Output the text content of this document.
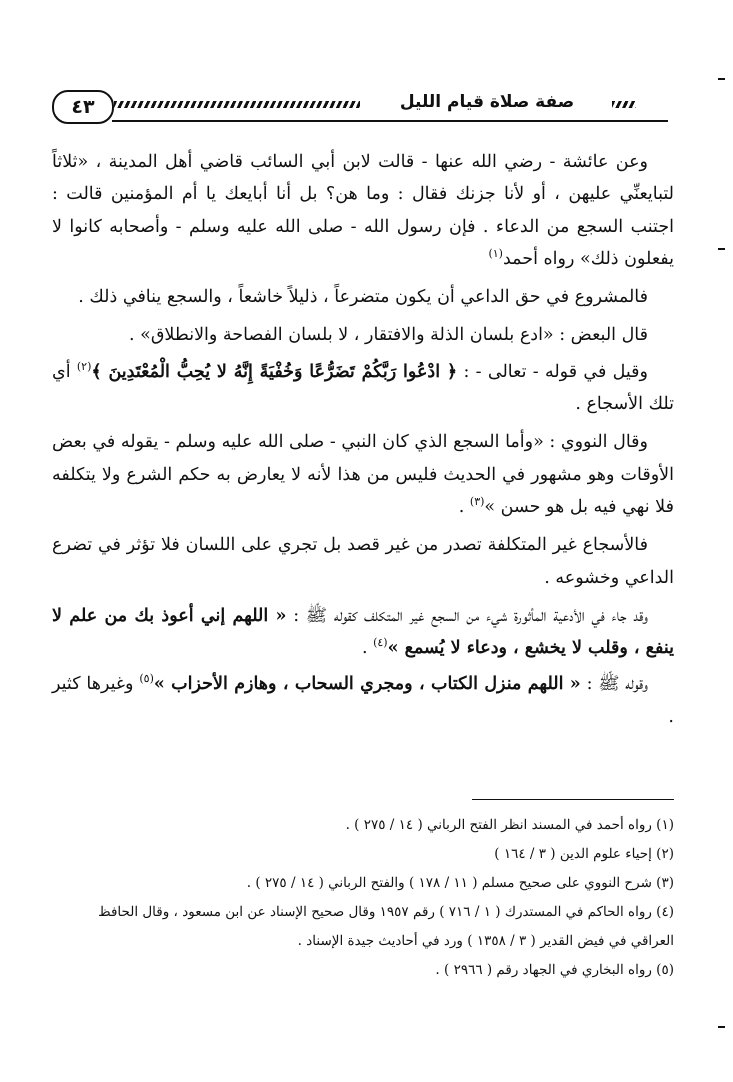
٤٣	صفة صلاة قيام الليل

وعن عائشة - رضي الله عنها - قالت لابن أبي السائب قاضي أهل المدينة ، «ثلاثاً لتبايعنِّي عليهن ، أو لأنا جزنك فقال : وما هن؟ بل أنا أبايعك يا أم المؤمنين قالت : اجتنب السجع من الدعاء . فإن رسول الله - صلى الله عليه وسلم - وأصحابه كانوا لا يفعلون ذلك» رواه أحمد$^{(١)}$

فالمشروع في حق الداعي أن يكون متضرعاً ، ذليلاً خاشعاً ، والسجع ينافي ذلك .

قال البعض : «ادع بلسان الذلة والافتقار ، لا بلسان الفصاحة والانطلاق» .

وقيل في قوله - تعالى - : ﴿ ادْعُوا رَبَّكُمْ تَضَرُّعًا وَخُفْيَةً إِنَّهُ لا يُحِبُّ الْمُعْتَدِينَ ﴾$^{(٢)}$ أي تلك الأسجاع .

وقال النووي : «وأما السجع الذي كان النبي - صلى الله عليه وسلم - يقوله في بعض الأوقات وهو مشهور في الحديث فليس من هذا لأنه لا يعارض به حكم الشرع ولا يتكلفه فلا نهي فيه بل هو حسن »$^{(٣)}$ .

فالأسجاع غير المتكلفة تصدر من غير قصد بل تجري على اللسان فلا تؤثر في تضرع الداعي وخشوعه .

وقد جاء في الأدعية المأثورة شيء من السجع غير المتكلف كقوله ﷺ : « اللهم إني أعوذ بك من علم لا ينفع ، وقلب لا يخشع ، ودعاء لا يُسمع »$^{(٤)}$ .

وقوله ﷺ : « اللهم منزل الكتاب ، ومجري السحاب ، وهازم الأحزاب »$^{(٥)}$ وغيرها كثير .

(١) رواه أحمد في المسند انظر الفتح الرباني ( ١٤ / ٢٧٥ ) .
(٢) إحياء علوم الدين ( ٣ / ١٦٤ )
(٣) شرح النووي على صحيح مسلم ( ١١ / ١٧٨ ) والفتح الرباني ( ١٤ / ٢٧٥ ) .
(٤) رواه الحاكم في المستدرك ( ١ / ٧١٦ ) رقم ١٩٥٧ وقال صحيح الإسناد عن ابن مسعود ، وقال الحافظ العراقي في فيض القدير ( ٣ / ١٣٥٨ ) ورد في أحاديث جيدة الإسناد .
(٥) رواه البخاري في الجهاد رقم ( ٢٩٦٦ ) .
